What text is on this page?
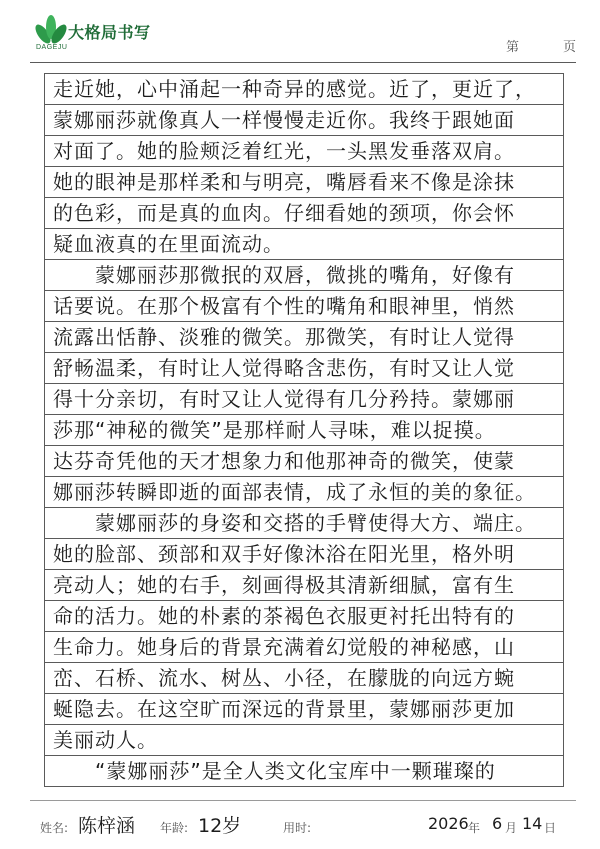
大格局书写
DAGEJU	第	页
走近她，心中涌起一种奇异的感觉。近了，更近了，
蒙娜丽莎就像真人一样慢慢走近你。我终于跟她面
对面了。她的脸颊泛着红光，一头黑发垂落双肩。
她的眼神是那样柔和与明亮，嘴唇看来不像是涂抹
的色彩，而是真的血肉。仔细看她的颈项，你会怀
疑血液真的在里面流动。
蒙娜丽莎那微抿的双唇，微挑的嘴角，好像有
话要说。在那个极富有个性的嘴角和眼神里，悄然
流露出恬静、淡雅的微笑。那微笑，有时让人觉得
舒畅温柔，有时让人觉得略含悲伤，有时又让人觉
得十分亲切，有时又让人觉得有几分矜持。蒙娜丽
莎那“神秘的微笑”是那样耐人寻味，难以捉摸。
达芬奇凭他的天才想象力和他那神奇的微笑，使蒙
娜丽莎转瞬即逝的面部表情，成了永恒的美的象征。
蒙娜丽莎的身姿和交搭的手臂使得大方、端庄。
她的脸部、颈部和双手好像沐浴在阳光里，格外明
亮动人；她的右手，刻画得极其清新细腻，富有生
命的活力。她的朴素的茶褐色衣服更衬托出特有的
生命力。她身后的背景充满着幻觉般的神秘感，山
峦、石桥、流水、树丛、小径，在朦胧的向远方蜿
蜒隐去。在这空旷而深远的背景里，蒙娜丽莎更加
美丽动人。
“蒙娜丽莎”是全人类文化宝库中一颗璀璨的
姓名: 陈梓涵 年龄: 12岁	用时:	2026 年 6 月 14 日
